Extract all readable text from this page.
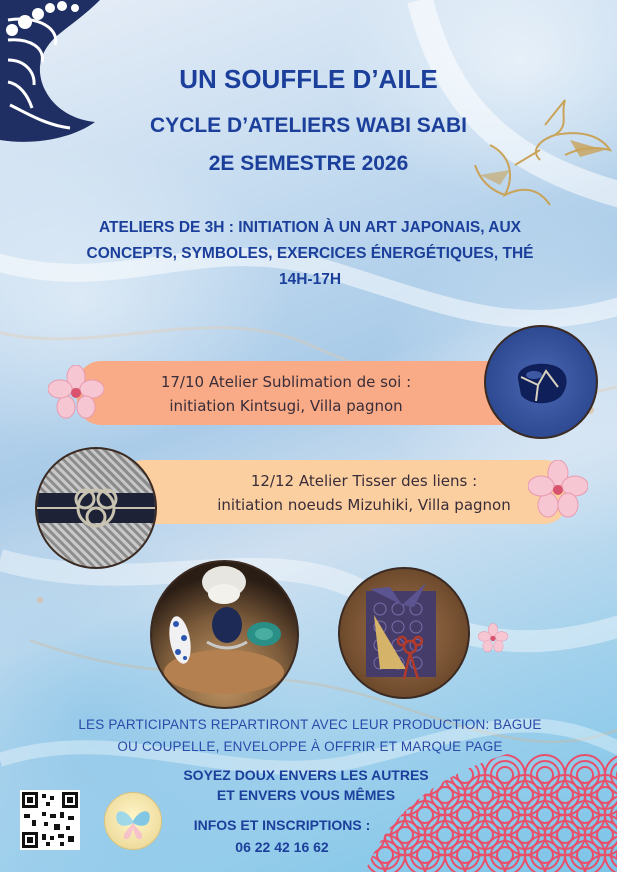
UN SOUFFLE D’AILE
CYCLE D’ATELIERS WABI SABI
2E SEMESTRE 2026
ATELIERS DE 3H : INITIATION À UN ART JAPONAIS, AUX
CONCEPTS, SYMBOLES, EXERCICES ÉNERGÉTIQUES, THÉ
14H-17H
17/10 Atelier Sublimation de soi :
initiation Kintsugi, Villa pagnon
12/12 Atelier Tisser des liens :
initiation noeuds Mizuhiki, Villa pagnon
LES PARTICIPANTS REPARTIRONT AVEC LEUR PRODUCTION: BAGUE
OU COUPELLE, ENVELOPPE À OFFRIR ET MARQUE PAGE
SOYEZ DOUX ENVERS LES AUTRES
ET ENVERS VOUS MÊMES
INFOS ET INSCRIPTIONS :
06 22 42 16 62
